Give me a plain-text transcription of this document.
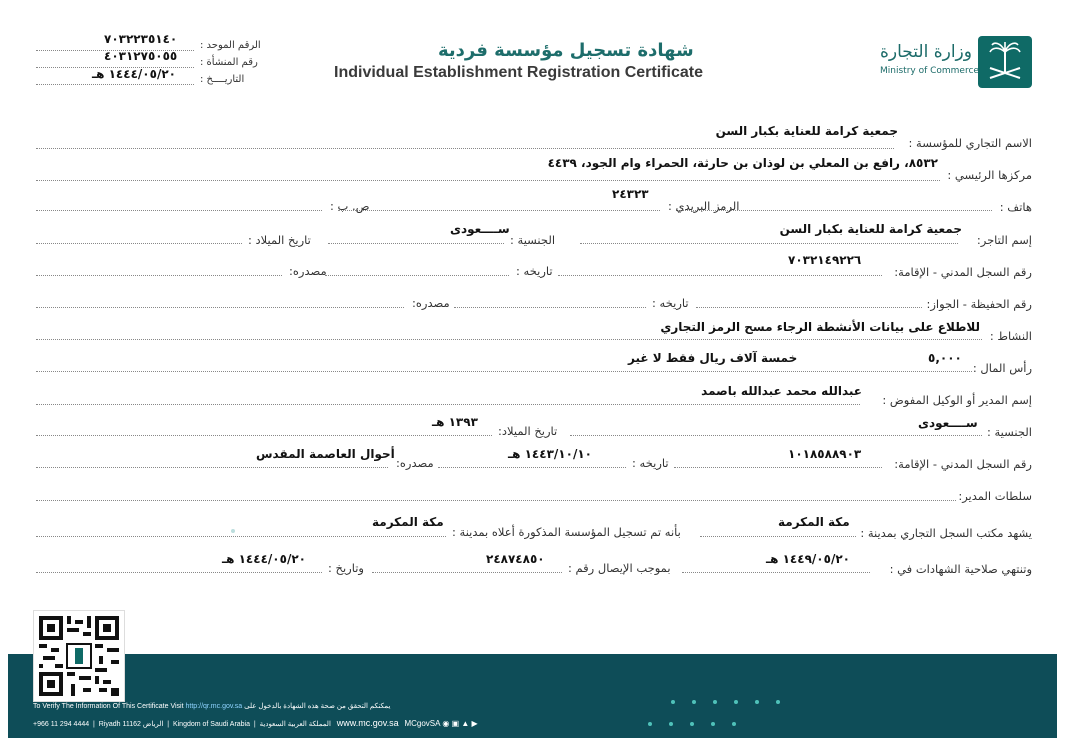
وزارة التجارة
Ministry of Commerce
شهادة تسجيل مؤسسة فردية
Individual Establishment Registration Certificate
الرقم الموحد :
٧٠٣٢٢٣٥١٤٠
رقم المنشأة :
٤٠٣١٢٧٥٠٥٥
التاريــــخ :
١٤٤٤/٠٥/٢٠ هـ
الاسم التجاري للمؤسسة :
جمعية كرامة للعناية بكبار السن
مركزها الرئيسي :
٨٥٣٢، رافع بن المعلي بن لوذان بن حارثة، الحمراء وام الجود، ٤٤٣٩
هاتف :
الرمز البريدي :
٢٤٣٢٣
ص. ب :
إسم التاجر:
جمعية كرامة للعناية بكبار السن
الجنسية :
ســــعودى
تاريخ الميلاد :
رقم السجل المدني - الإقامة:
٧٠٣٢١٤٩٢٢٦
تاريخه :
مصدره:
رقم الحفيظة - الجواز:
تاريخه :
مصدره:
النشاط :
للاطلاع على بيانات الأنشطة الرجاء مسح الرمز التجاري
رأس المال :
٥,٠٠٠
خمسة آلاف ريال فقط لا غير
إسم المدير أو الوكيل المفوض :
عبدالله محمد عبدالله باصمد
الجنسية :
ســــعودى
تاريخ الميلاد:
١٣٩٣ هـ
رقم السجل المدني - الإقامة:
١٠١٨٥٨٨٩٠٣
تاريخه :
١٤٤٣/١٠/١٠ هـ
مصدره:
أحوال العاصمة المقدس
سلطات المدير:
يشهد مكتب السجل التجاري بمدينة :
مكة المكرمة
بأنه تم تسجيل المؤسسة المذكورة أعلاه بمدينة :
مكة المكرمة
وتنتهي صلاحية الشهادات في :
١٤٤٩/٠٥/٢٠ هـ
بموجب الإيصال رقم :
٢٤٨٧٤٨٥٠
وتاريخ :
١٤٤٤/٠٥/٢٠ هـ
To Verify The Information Of This Certificate Visit http://qr.mc.gov.sa يمكنكم التحقق من صحة هذه الشهادة بالدخول على
+966 11 294 4444  |  Riyadh 11162 الرياض  |  Kingdom of Saudi Arabia  |  المملكة العربية السعودية www.mc.gov.sa MCgovSA ◉ ▣ ▲ ▶
